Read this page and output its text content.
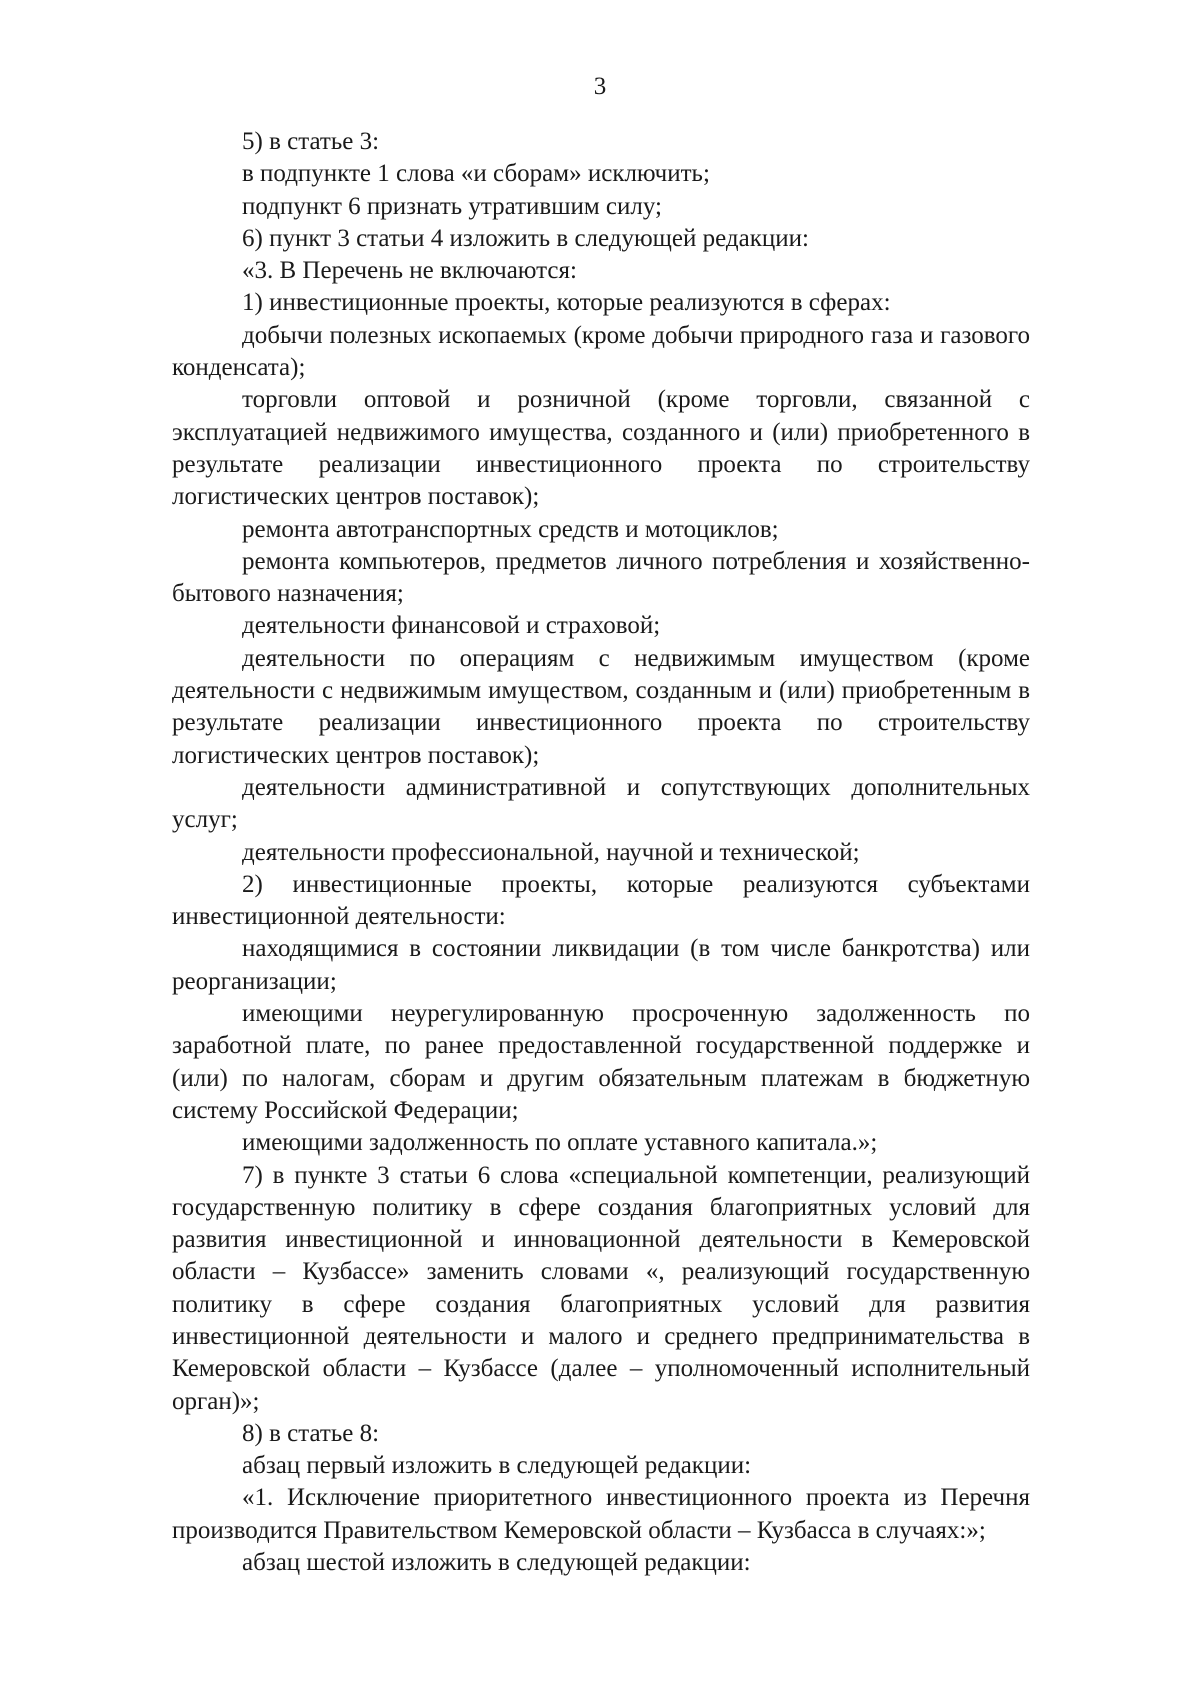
3

5) в статье 3:

в подпункте 1 слова «и сборам» исключить;

подпункт 6 признать утратившим силу;

6) пункт 3 статьи 4 изложить в следующей редакции:

«3. В Перечень не включаются:

1) инвестиционные проекты, которые реализуются в сферах:

добычи полезных ископаемых (кроме добычи природного газа и газового конденсата);

торговли оптовой и розничной (кроме торговли, связанной с эксплуатацией недвижимого имущества, созданного и (или) приобретенного в результате реализации инвестиционного проекта по строительству логистических центров поставок);

ремонта автотранспортных средств и мотоциклов;

ремонта компьютеров, предметов личного потребления и хозяйственно-бытового назначения;

деятельности финансовой и страховой;

деятельности по операциям с недвижимым имуществом (кроме деятельности с недвижимым имуществом, созданным и (или) приобретенным в результате реализации инвестиционного проекта по строительству логистических центров поставок);

деятельности административной и сопутствующих дополнительных услуг;

деятельности профессиональной, научной и технической;

2) инвестиционные проекты, которые реализуются субъектами инвестиционной деятельности:

находящимися в состоянии ликвидации (в том числе банкротства) или реорганизации;

имеющими неурегулированную просроченную задолженность по заработной плате, по ранее предоставленной государственной поддержке и (или) по налогам, сборам и другим обязательным платежам в бюджетную систему Российской Федерации;

имеющими задолженность по оплате уставного капитала.»;

7) в пункте 3 статьи 6 слова «специальной компетенции, реализующий государственную политику в сфере создания благоприятных условий для развития инвестиционной и инновационной деятельности в Кемеровской области – Кузбассе» заменить словами «, реализующий государственную политику в сфере создания благоприятных условий для развития инвестиционной деятельности и малого и среднего предпринимательства в Кемеровской области – Кузбассе (далее – уполномоченный исполнительный орган)»;

8) в статье 8:

абзац первый изложить в следующей редакции:

«1. Исключение приоритетного инвестиционного проекта из Перечня производится Правительством Кемеровской области – Кузбасса в случаях:»;

абзац шестой изложить в следующей редакции:
